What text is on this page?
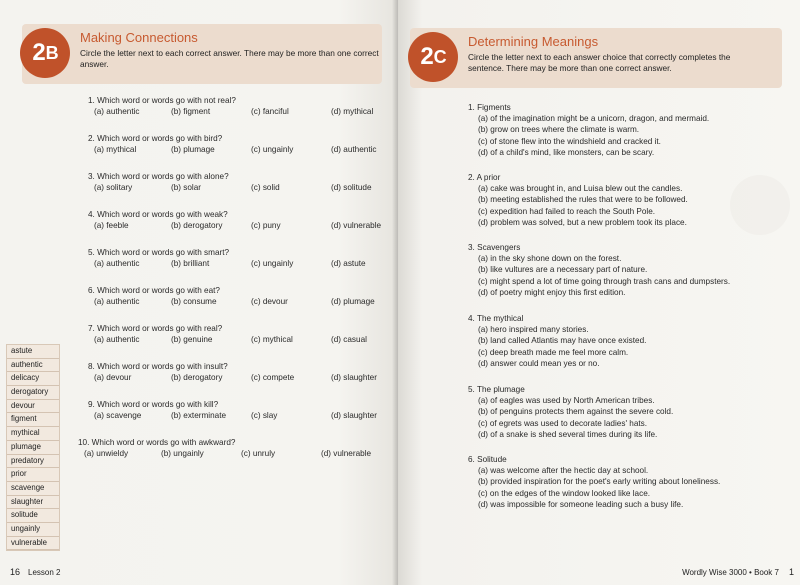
2 B
Making Connections
Circle the letter next to each correct answer. There may be more than one correct answer.
1. Which word or words go with not real?
(a) authentic	(b) figment	(c) fanciful	(d) mythical
2. Which word or words go with bird?
(a) mythical	(b) plumage	(c) ungainly	(d) authentic
3. Which word or words go with alone?
(a) solitary	(b) solar	(c) solid	(d) solitude
4. Which word or words go with weak?
(a) feeble	(b) derogatory	(c) puny	(d) vulnerable
5. Which word or words go with smart?
(a) authentic	(b) brilliant	(c) ungainly	(d) astute
6. Which word or words go with eat?
(a) authentic	(b) consume	(c) devour	(d) plumage
7. Which word or words go with real?
(a) authentic	(b) genuine	(c) mythical	(d) casual
8. Which word or words go with insult?
(a) devour	(b) derogatory	(c) compete	(d) slaughter
9. Which word or words go with kill?
(a) scavenge	(b) exterminate	(c) slay	(d) slaughter
10. Which word or words go with awkward?
(a) unwieldy	(b) ungainly	(c) unruly	(d) vulnerable
astute
authentic
delicacy
derogatory
devour
figment
mythical
plumage
predatory
prior
scavenge
slaughter
solitude
ungainly
vulnerable
16 Lesson 2
2 C
Determining Meanings
Circle the letter next to each answer choice that correctly completes the sentence. There may be more than one correct answer.
1. Figments
(a) of the imagination might be a unicorn, dragon, and mermaid.
(b) grow on trees where the climate is warm.
(c) of stone flew into the windshield and cracked it.
(d) of a child's mind, like monsters, can be scary.
2. A prior
(a) cake was brought in, and Luisa blew out the candles.
(b) meeting established the rules that were to be followed.
(c) expedition had failed to reach the South Pole.
(d) problem was solved, but a new problem took its place.
3. Scavengers
(a) in the sky shone down on the forest.
(b) like vultures are a necessary part of nature.
(c) might spend a lot of time going through trash cans and dumpsters.
(d) of poetry might enjoy this first edition.
4. The mythical
(a) hero inspired many stories.
(b) land called Atlantis may have once existed.
(c) deep breath made me feel more calm.
(d) answer could mean yes or no.
5. The plumage
(a) of eagles was used by North American tribes.
(b) of penguins protects them against the severe cold.
(c) of egrets was used to decorate ladies' hats.
(d) of a snake is shed several times during its life.
6. Solitude
(a) was welcome after the hectic day at school.
(b) provided inspiration for the poet's early writing about loneliness.
(c) on the edges of the window looked like lace.
(d) was impossible for someone leading such a busy life.
Wordly Wise 3000 • Book 7 1
